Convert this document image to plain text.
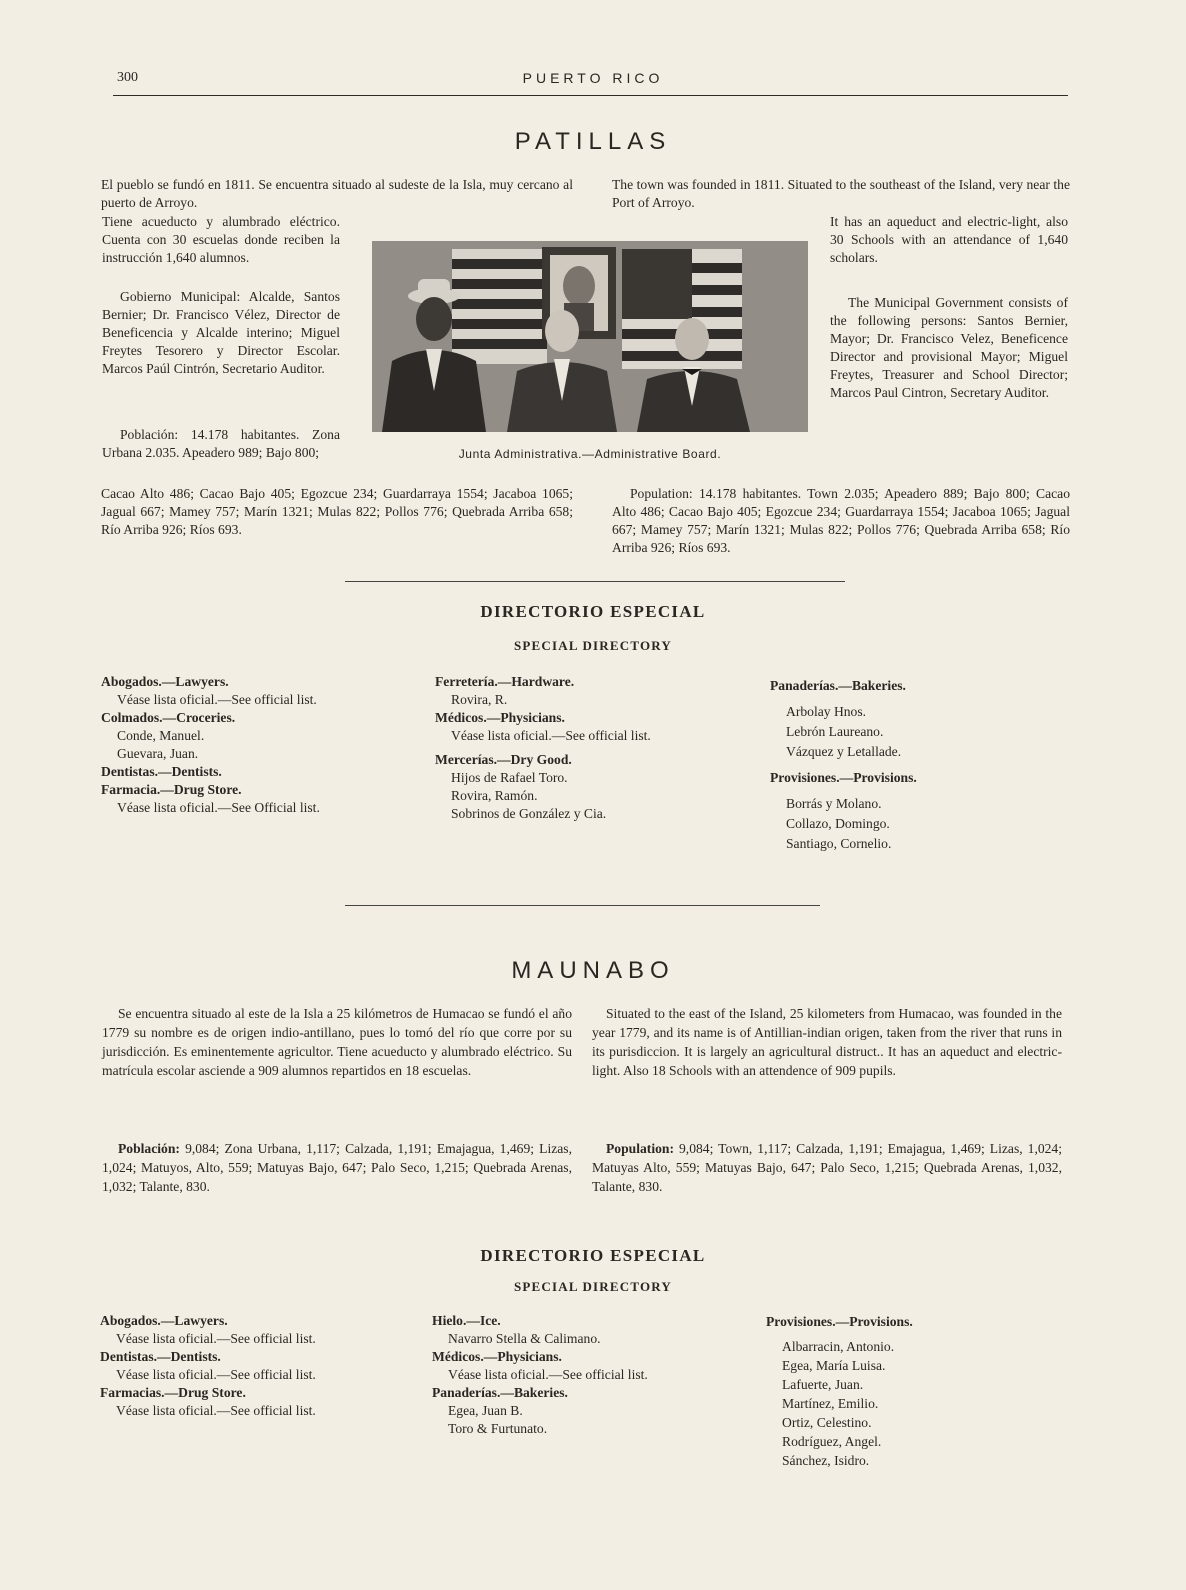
300	PUERTO RICO
PATILLAS

El pueblo se fundó en 1811. Se encuentra situado al sudeste de la Isla, muy cercano al puerto de Arroyo.

Tiene acueducto y alumbrado eléctrico. Cuenta con 30 escuelas donde reciben la instrucción 1,640 alumnos.

Gobierno Municipal: Alcalde, Santos Bernier; Dr. Francisco Vélez, Director de Beneficencia y Alcalde interino; Miguel Freytes Tesorero y Director Escolar. Marcos Paúl Cintrón, Secretario Auditor.

Población: 14.178 habitantes. Zona Urbana 2.035. Apeadero 989; Bajo 800;

Cacao Alto 486; Cacao Bajo 405; Egozcue 234; Guardarraya 1554; Jacaboa 1065; Jagual 667; Mamey 757; Marín 1321; Mulas 822; Pollos 776; Quebrada Arriba 658; Río Arriba 926; Ríos 693.

The town was founded in 1811. Situated to the southeast of the Island, very near the Port of Arroyo.

It has an aqueduct and electric-light, also 30 Schools with an attendance of 1,640 scholars.

The Municipal Government consists of the following persons: Santos Bernier, Mayor; Dr. Francisco Velez, Beneficence Director and provisional Mayor; Miguel Freytes, Treasurer and School Director; Marcos Paul Cintron, Secretary Auditor.

Population: 14.178 habitantes. Town 2.035; Apeadero 889; Bajo 800; Cacao Alto 486; Cacao Bajo 405; Egozcue 234; Guardarraya 1554; Jacaboa 1065; Jagual 667; Mamey 757; Marín 1321; Mulas 822; Pollos 776; Quebrada Arriba 658; Río Arriba 926; Ríos 693.

Junta Administrativa.—Administrative Board.
DIRECTORIO ESPECIAL
SPECIAL DIRECTORY

Abogados.—Lawyers.

Véase lista oficial.—See official list.

Colmados.—Croceries.

Conde, Manuel.

Guevara, Juan.

Dentistas.—Dentists.

Farmacia.—Drug Store.

Véase lista oficial.—See Official list.

Ferretería.—Hardware.

Rovira, R.

Médicos.—Physicians.

Véase lista oficial.—See official list.

Mercerías.—Dry Good.

Hijos de Rafael Toro.

Rovira, Ramón.

Sobrinos de González y Cia.

Panaderías.—Bakeries.

Arbolay Hnos.

Lebrón Laureano.

Vázquez y Letallade.

Provisiones.—Provisions.

Borrás y Molano.

Collazo, Domingo.

Santiago, Cornelio.

MAUNABO

Se encuentra situado al este de la Isla a 25 kilómetros de Humacao se fundó el año 1779 su nombre es de origen indio-antillano, pues lo tomó del río que corre por su jurisdicción. Es eminentemente agricultor. Tiene acueducto y alumbrado eléctrico. Su matrícula escolar asciende a 909 alumnos repartidos en 18 escuelas.

Población: 9,084; Zona Urbana, 1,117; Calzada, 1,191; Emajagua, 1,469; Lizas, 1,024; Matuyos, Alto, 559; Matuyas Bajo, 647; Palo Seco, 1,215; Quebrada Arenas, 1,032; Talante, 830.

Situated to the east of the Island, 25 kilometers from Humacao, was founded in the year 1779, and its name is of Antillian-indian origen, taken from the river that runs in its purisdiccion. It is largely an agricultural distruct.. It has an aqueduct and electric-light. Also 18 Schools with an attendence of 909 pupils.

Population: 9,084; Town, 1,117; Calzada, 1,191; Emajagua, 1,469; Lizas, 1,024; Matuyas Alto, 559; Matuyas Bajo, 647; Palo Seco, 1,215; Quebrada Arenas, 1,032, Talante, 830.

DIRECTORIO ESPECIAL
SPECIAL DIRECTORY

Abogados.—Lawyers.

Véase lista oficial.—See official list.

Dentistas.—Dentists.

Véase lista oficial.—See official list.

Farmacias.—Drug Store.

Véase lista oficial.—See official list.

Hielo.—Ice.

Navarro Stella & Calimano.

Médicos.—Physicians.

Véase lista oficial.—See official list.

Panaderías.—Bakeries.

Egea, Juan B.

Toro & Furtunato.

Provisiones.—Provisions.

Albarracin, Antonio.

Egea, María Luisa.

Lafuerte, Juan.

Martínez, Emilio.

Ortiz, Celestino.

Rodríguez, Angel.

Sánchez, Isidro.
